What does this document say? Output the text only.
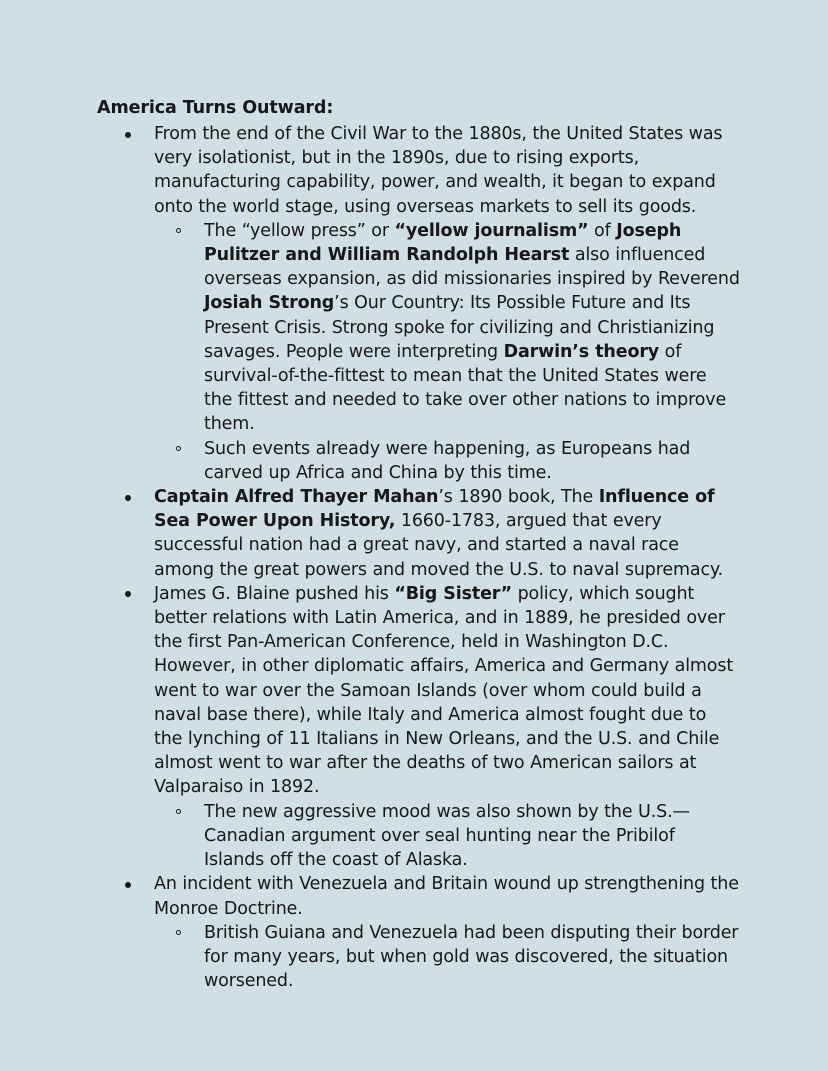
America Turns Outward:
From the end of the Civil War to the 1880s, the United States was very isolationist, but in the 1890s, due to rising exports, manufacturing capability, power, and wealth, it began to expand onto the world stage, using overseas markets to sell its goods.
The “yellow press” or “yellow journalism” of Joseph Pulitzer and William Randolph Hearst also influenced overseas expansion, as did missionaries inspired by Reverend Josiah Strong’s Our Country: Its Possible Future and Its Present Crisis. Strong spoke for civilizing and Christianizing savages. People were interpreting Darwin’s theory of survival-of-the-fittest to mean that the United States were the fittest and needed to take over other nations to improve them.
Such events already were happening, as Europeans had carved up Africa and China by this time.
Captain Alfred Thayer Mahan’s 1890 book, The Influence of Sea Power Upon History, 1660-1783, argued that every successful nation had a great navy, and started a naval race among the great powers and moved the U.S. to naval supremacy.
James G. Blaine pushed his “Big Sister” policy, which sought better relations with Latin America, and in 1889, he presided over the first Pan-American Conference, held in Washington D.C. However, in other diplomatic affairs, America and Germany almost went to war over the Samoan Islands (over whom could build a naval base there), while Italy and America almost fought due to the lynching of 11 Italians in New Orleans, and the U.S. and Chile almost went to war after the deaths of two American sailors at Valparaiso in 1892.
The new aggressive mood was also shown by the U.S.—Canadian argument over seal hunting near the Pribilof Islands off the coast of Alaska.
An incident with Venezuela and Britain wound up strengthening the Monroe Doctrine.
British Guiana and Venezuela had been disputing their border for many years, but when gold was discovered, the situation worsened.
